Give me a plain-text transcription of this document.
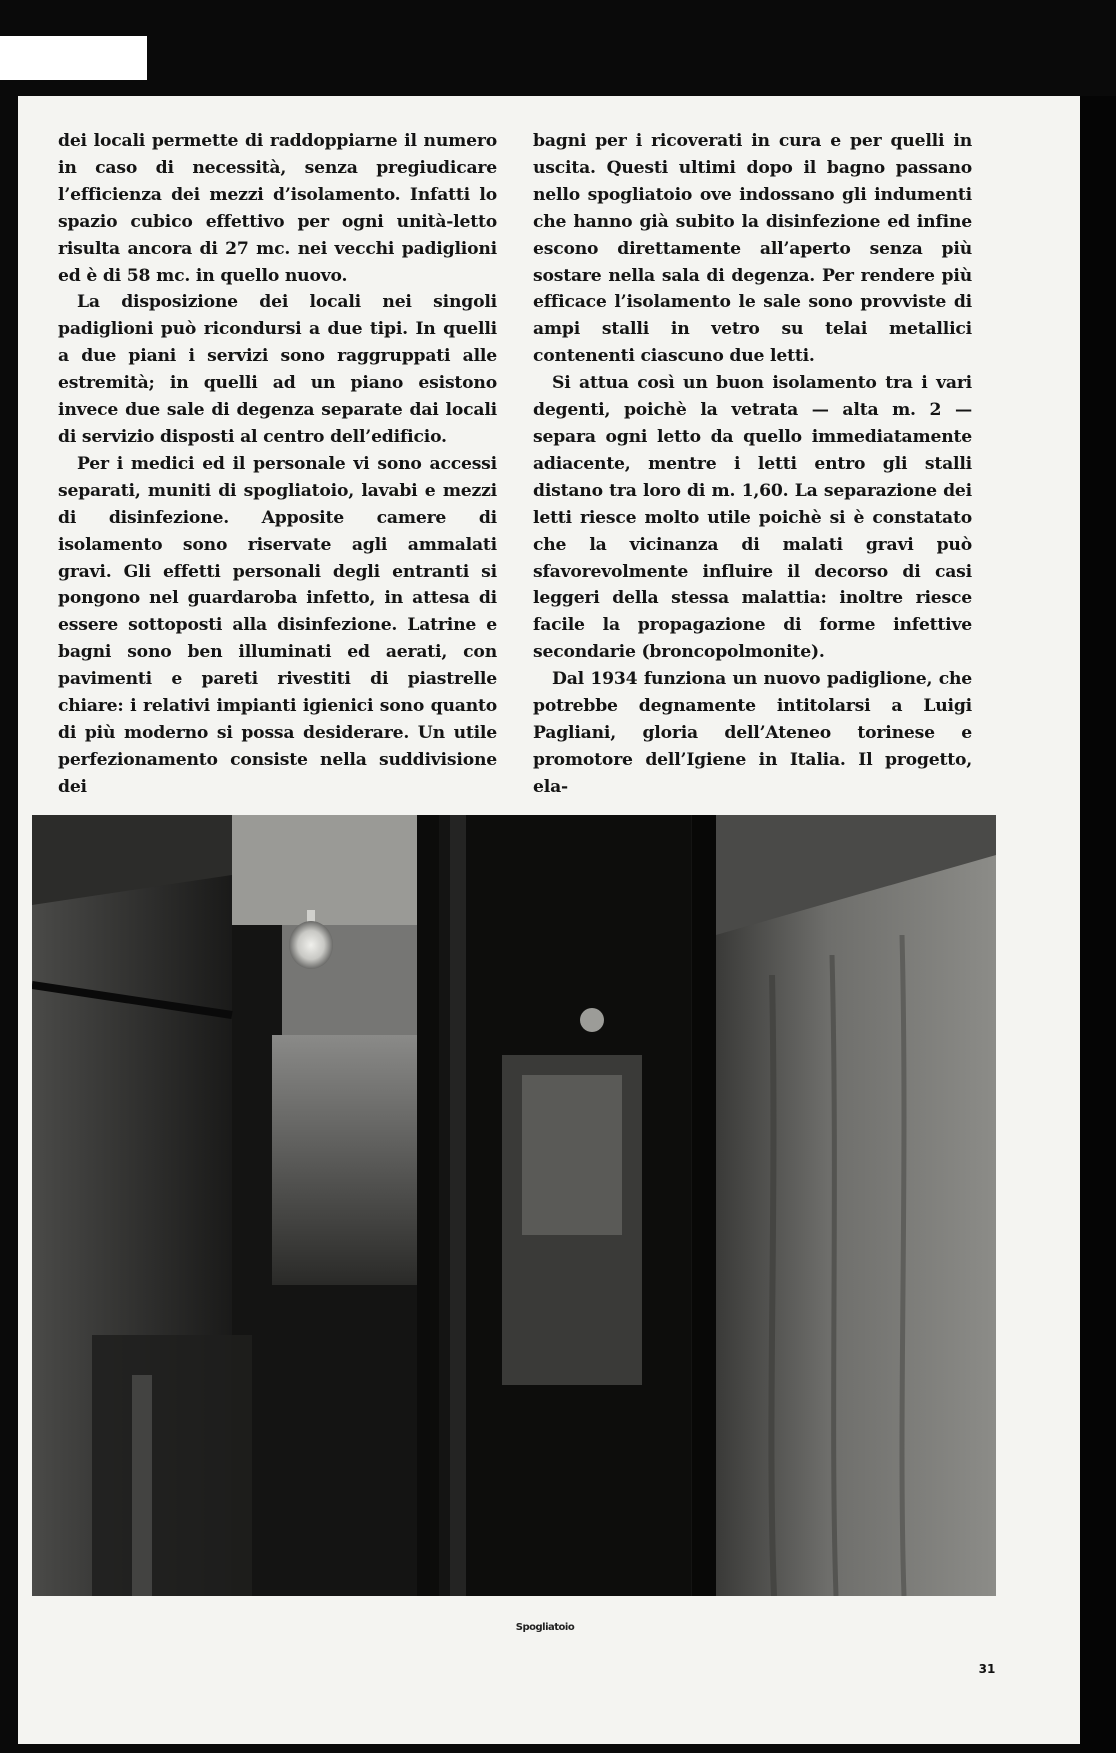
dei locali permette di raddoppiarne il numero in caso di necessità, senza pregiudicare l’efficienza dei mezzi d’isolamento. Infatti lo spazio cubico effettivo per ogni unità-letto risulta ancora di 27 mc. nei vecchi padiglioni ed è di 58 mc. in quello nuovo.

La disposizione dei locali nei singoli padiglioni può ricondursi a due tipi. In quelli a due piani i servizi sono raggruppati alle estremità; in quelli ad un piano esistono invece due sale di degenza separate dai locali di servizio disposti al centro dell’edificio.

Per i medici ed il personale vi sono accessi separati, muniti di spogliatoio, lavabi e mezzi di disinfezione. Apposite camere di isolamento sono riservate agli ammalati gravi. Gli effetti personali degli entranti si pongono nel guardaroba infetto, in attesa di essere sottoposti alla disinfezione. Latrine e bagni sono ben illuminati ed aerati, con pavimenti e pareti rivestiti di piastrelle chiare: i relativi impianti igienici sono quanto di più moderno si possa desiderare. Un utile perfezionamento consiste nella suddivisione dei

bagni per i ricoverati in cura e per quelli in uscita. Questi ultimi dopo il bagno passano nello spogliatoio ove indossano gli indumenti che hanno già subito la disinfezione ed infine escono direttamente all’aperto senza più sostare nella sala di degenza. Per rendere più efficace l’isolamento le sale sono provviste di ampi stalli in vetro su telai metallici contenenti ciascuno due letti.

Si attua così un buon isolamento tra i vari degenti, poichè la vetrata — alta m. 2 — separa ogni letto da quello immediatamente adiacente, mentre i letti entro gli stalli distano tra loro di m. 1,60. La separazione dei letti riesce molto utile poichè si è constatato che la vicinanza di malati gravi può sfavorevolmente influire il decorso di casi leggeri della stessa malattia: inoltre riesce facile la propagazione di forme infettive secondarie (broncopolmonite).

Dal 1934 funziona un nuovo padiglione, che potrebbe degnamente intitolarsi a Luigi Pagliani, gloria dell’Ateneo torinese e promotore dell’Igiene in Italia. Il progetto, ela-

Spogliatoio
31
